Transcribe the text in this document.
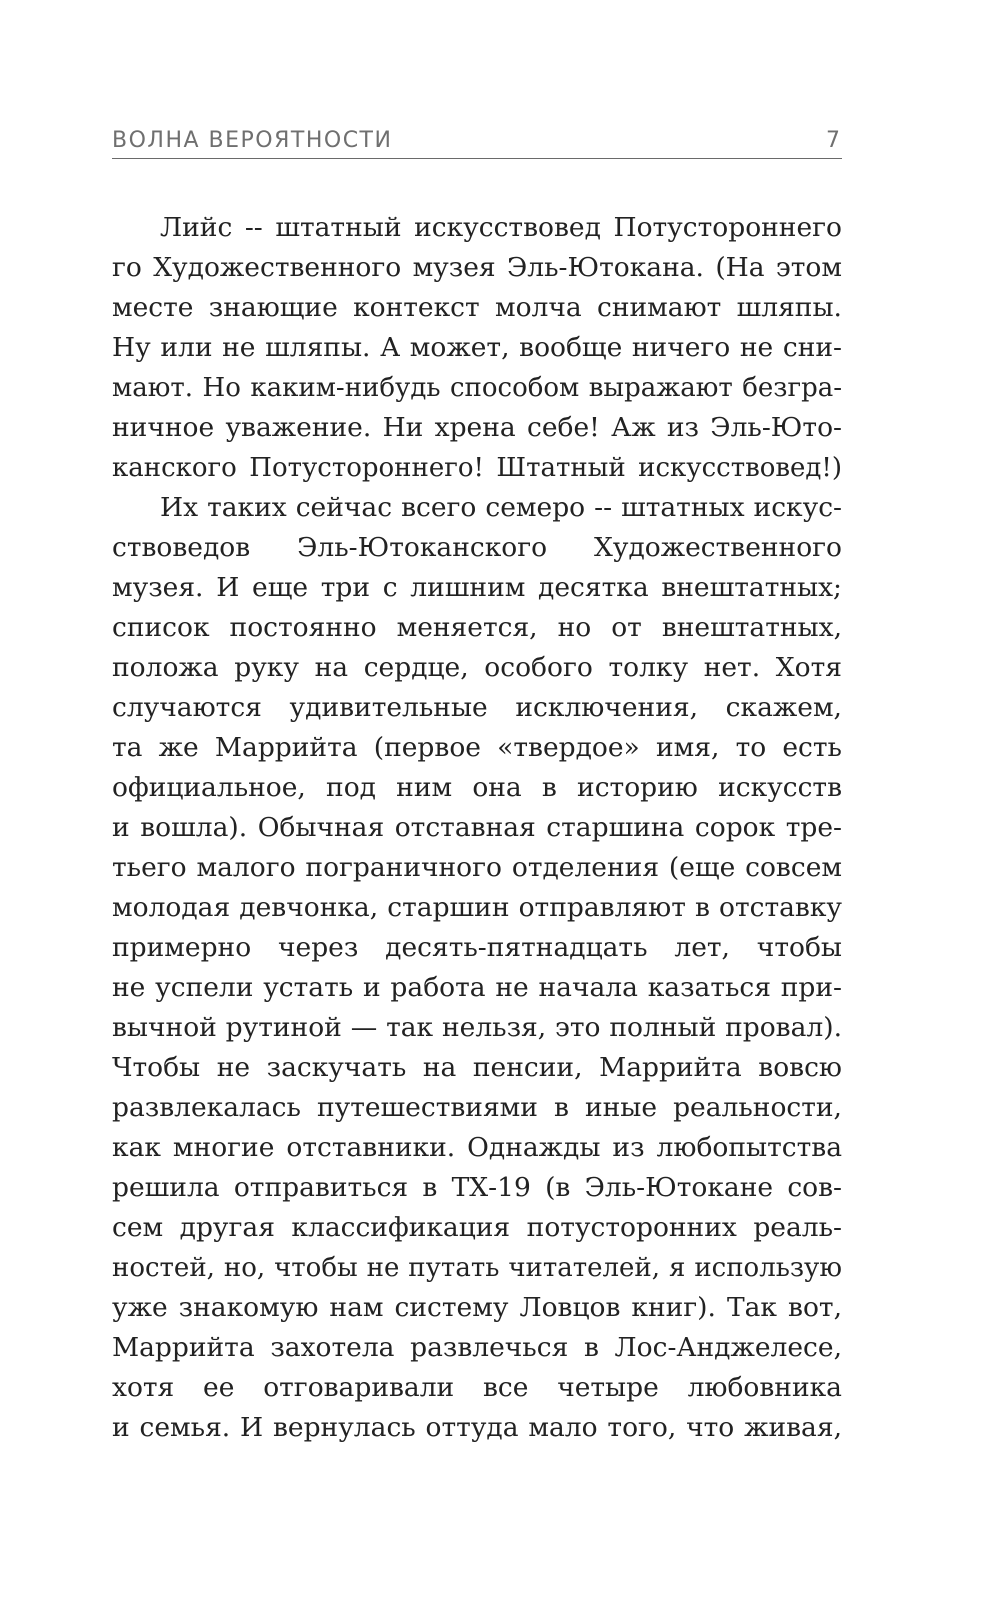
ВОЛНА ВЕРОЯТНОСТИ	7
Лийс -- штатный искусствовед Потустороннего
го Художественного музея Эль-Ютокана. (На этом
месте знающие контекст молча снимают шляпы.
Ну или не шляпы. А может, вообще ничего не сни-
мают. Но каким-нибудь способом выражают безгра-
ничное уважение. Ни хрена себе! Аж из Эль-Юто-
канского Потустороннего! Штатный искусствовед!)
Их таких сейчас всего семеро -- штатных искус-
ствоведов Эль-Ютоканского Художественного
музея. И еще три с лишним десятка внештатных;
список постоянно меняется, но от внештатных,
положа руку на сердце, особого толку нет. Хотя
случаются удивительные исключения, скажем,
та же Маррийта (первое «твердое» имя, то есть
официальное, под ним она в историю искусств
и вошла). Обычная отставная старшина сорок тре-
тьего малого пограничного отделения (еще совсем
молодая девчонка, старшин отправляют в отставку
примерно через десять-пятнадцать лет, чтобы
не успели устать и работа не начала казаться при-
вычной рутиной — так нельзя, это полный провал).
Чтобы не заскучать на пенсии, Маррийта вовсю
развлекалась путешествиями в иные реальности,
как многие отставники. Однажды из любопытства
решила отправиться в ТХ-19 (в Эль-Ютокане сов-
сем другая классификация потусторонних реаль-
ностей, но, чтобы не путать читателей, я использую
уже знакомую нам систему Ловцов книг). Так вот,
Маррийта захотела развлечься в Лос-Анджелесе,
хотя ее отговаривали все четыре любовника
и семья. И вернулась оттуда мало того, что живая,
